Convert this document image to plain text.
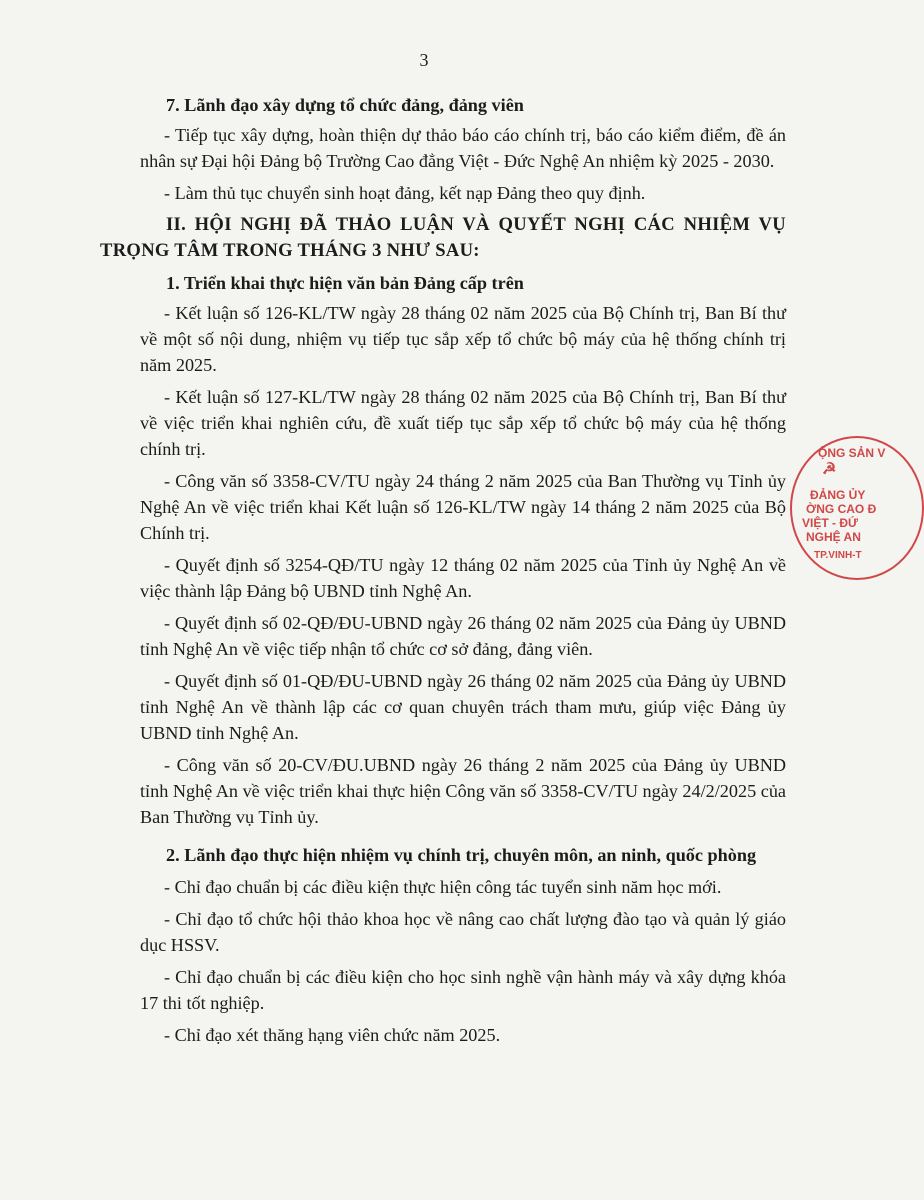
3

7. Lãnh đạo xây dựng tổ chức đảng, đảng viên

- Tiếp tục xây dựng, hoàn thiện dự thảo báo cáo chính trị, báo cáo kiểm điểm, đề án nhân sự Đại hội Đảng bộ Trường Cao đẳng Việt - Đức Nghệ An nhiệm kỳ 2025 - 2030.

- Làm thủ tục chuyển sinh hoạt đảng, kết nạp Đảng theo quy định.

II. HỘI NGHỊ ĐÃ THẢO LUẬN VÀ QUYẾT NGHỊ CÁC NHIỆM VỤ TRỌNG TÂM TRONG THÁNG 3 NHƯ SAU:

1. Triển khai thực hiện văn bản Đảng cấp trên

- Kết luận số 126-KL/TW ngày 28 tháng 02 năm 2025 của Bộ Chính trị, Ban Bí thư về một số nội dung, nhiệm vụ tiếp tục sắp xếp tổ chức bộ máy của hệ thống chính trị năm 2025.

- Kết luận số 127-KL/TW ngày 28 tháng 02 năm 2025 của Bộ Chính trị, Ban Bí thư về việc triển khai nghiên cứu, đề xuất tiếp tục sắp xếp tổ chức bộ máy của hệ thống chính trị.

- Công văn số 3358-CV/TU ngày 24 tháng 2 năm 2025 của Ban Thường vụ Tỉnh ủy Nghệ An về việc triển khai Kết luận số 126-KL/TW ngày 14 tháng 2 năm 2025 của Bộ Chính trị.

- Quyết định số 3254-QĐ/TU ngày 12 tháng 02 năm 2025 của Tỉnh ủy Nghệ An về việc thành lập Đảng bộ UBND tỉnh Nghệ An.

- Quyết định số 02-QĐ/ĐU-UBND ngày 26 tháng 02 năm 2025 của Đảng ủy UBND tỉnh Nghệ An về việc tiếp nhận tổ chức cơ sở đảng, đảng viên.

- Quyết định số 01-QĐ/ĐU-UBND ngày 26 tháng 02 năm 2025 của Đảng ủy UBND tỉnh Nghệ An về thành lập các cơ quan chuyên trách tham mưu, giúp việc Đảng ủy UBND tỉnh Nghệ An.

- Công văn số 20-CV/ĐU.UBND ngày 26 tháng 2 năm 2025 của Đảng ủy UBND tỉnh Nghệ An về việc triển khai thực hiện Công văn số 3358-CV/TU ngày 24/2/2025 của Ban Thường vụ Tỉnh ủy.

2. Lãnh đạo thực hiện nhiệm vụ chính trị, chuyên môn, an ninh, quốc phòng

- Chỉ đạo chuẩn bị các điều kiện thực hiện công tác tuyển sinh năm học mới.

- Chỉ đạo tổ chức hội thảo khoa học về nâng cao chất lượng đào tạo và quản lý giáo dục HSSV.

- Chỉ đạo chuẩn bị các điều kiện cho học sinh nghề vận hành máy và xây dựng khóa 17 thi tốt nghiệp.

- Chỉ đạo xét thăng hạng viên chức năm 2025.

ỘNG SẢN V
☭
ĐẢNG ỦY
ỜNG CAO Đ
VIỆT - ĐỨ
NGHỆ AN
TP.VINH-T
